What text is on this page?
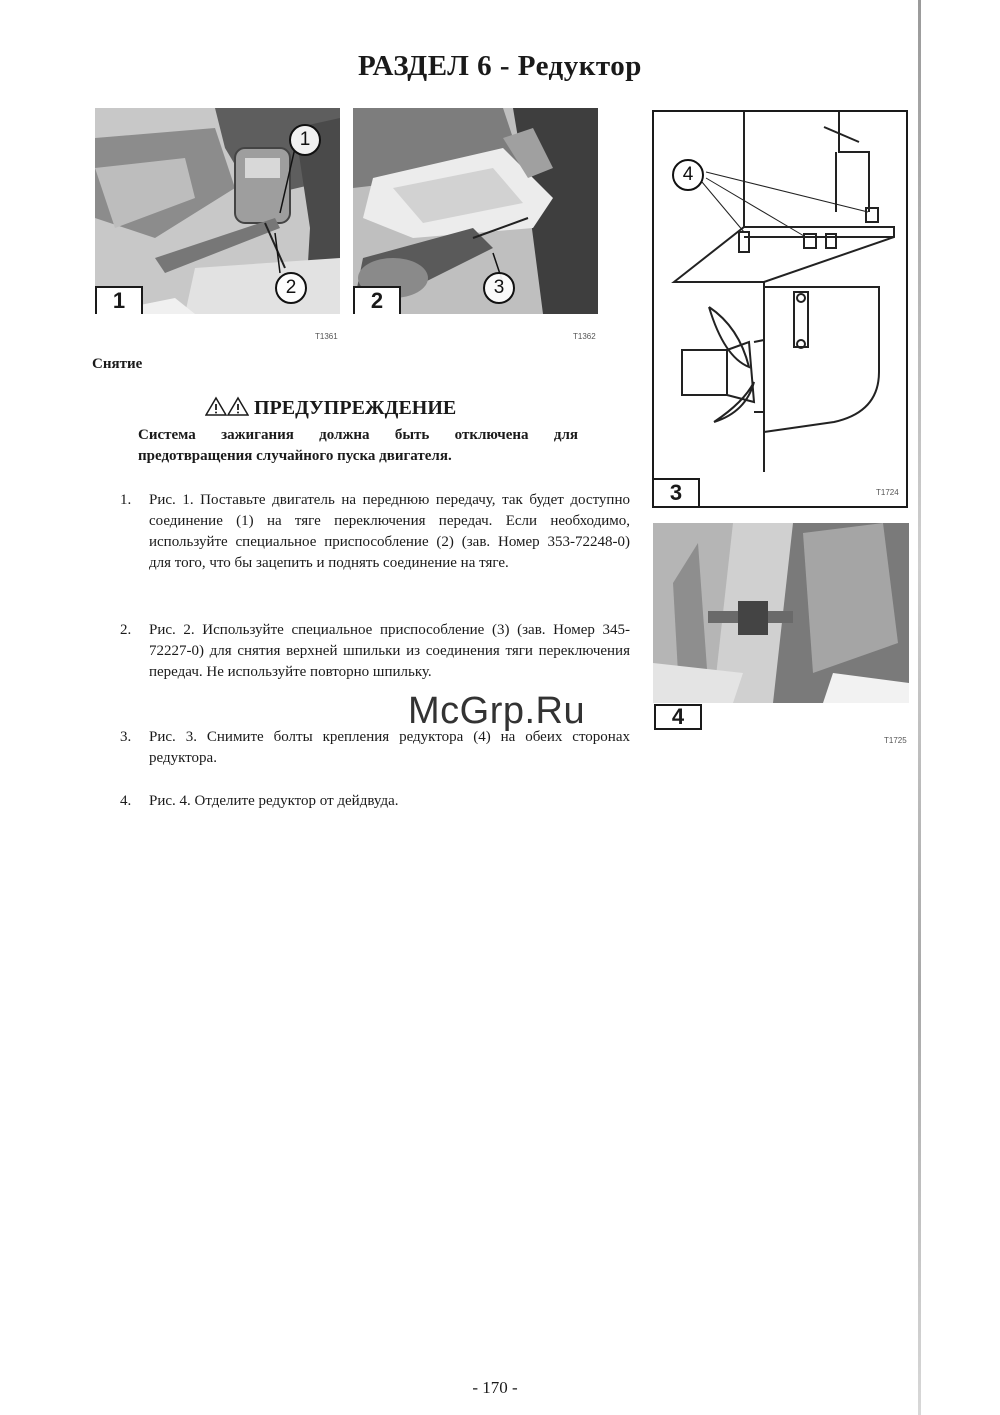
РАЗДЕЛ 6 - Редуктор
1
2
1
T1361
3
2
T1362
4
3	T1724
4
T1725
Снятие
ПРЕДУПРЕЖДЕНИЕ
Система зажигания должна быть отключена для предотвращения случайного пуска двигателя.
1. Рис. 1. Поставьте двигатель на переднюю передачу, так будет доступно соединение (1) на тяге переключения передач. Если необходимо, используйте специальное приспособление (2) (зав. Номер 353-72248-0) для того, что бы зацепить и поднять соединение на тяге.
2. Рис. 2. Используйте специальное приспособление (3) (зав. Номер 345-72227-0) для снятия верхней шпильки из соединения тяги переключения передач. Не используйте повторно шпильку.
3. Рис. 3. Снимите болты крепления редуктора (4) на обеих сторонах редуктора.
4. Рис. 4. Отделите редуктор от дейдвуда.
McGrp.Ru
- 170 -
